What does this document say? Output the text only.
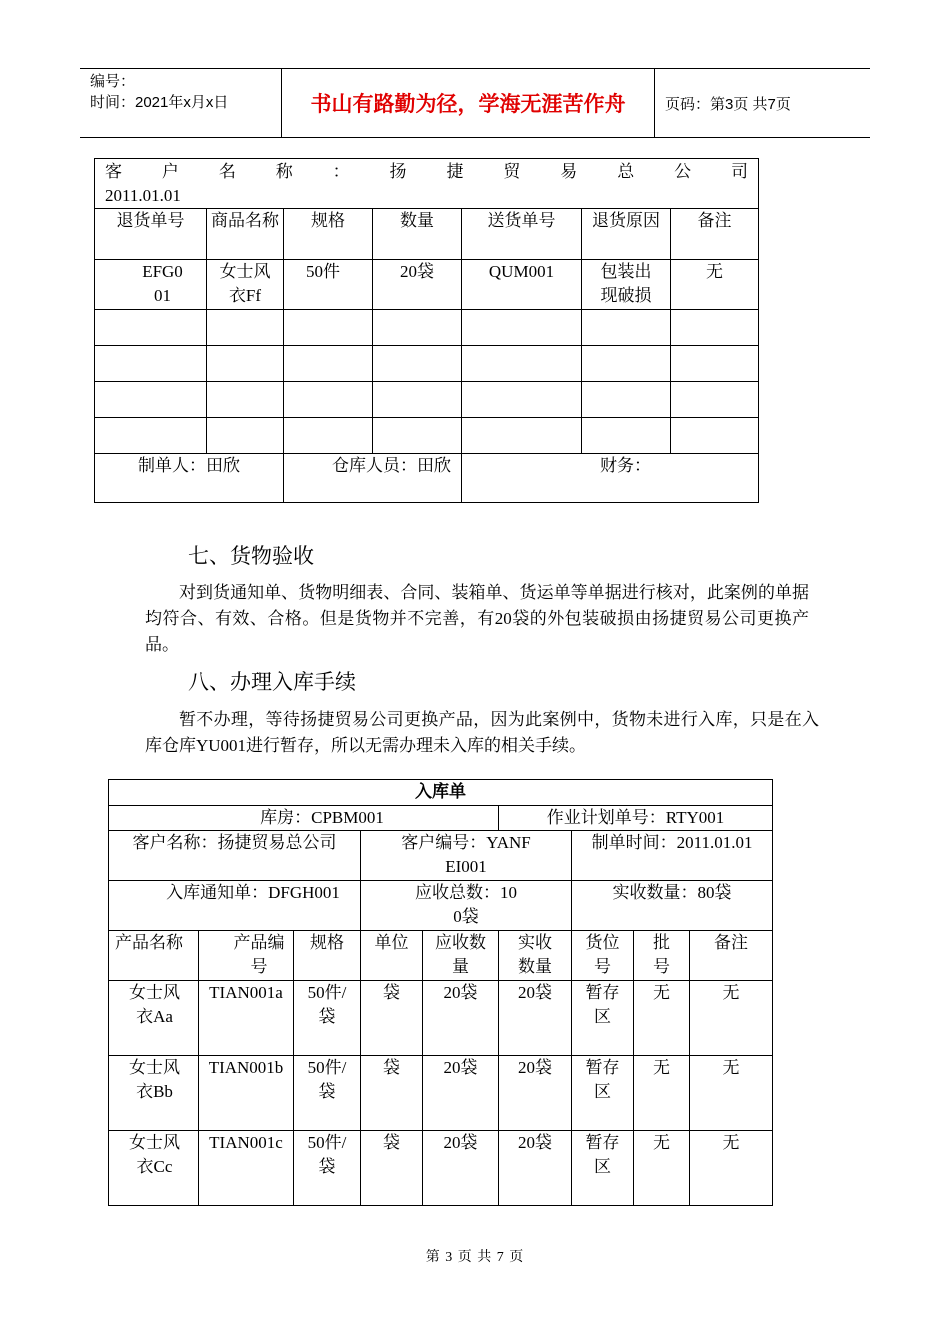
编号：
时间：2021年x月x日	书山有路勤为径，学海无涯苦作舟	页码：第3页 共7页
客户名称：扬捷贸易总公司
2011.01.01						

退货单号	商品名称	规格	数量	送货单号	退货原因	备注
EFG001	女士风衣Ff	50件	20袋	QUM001	包装出现破损	无

制单人：田欣		仓库人员：田欣		财务：		
七、货物验收
对到货通知单、货物明细表、合同、装箱单、货运单等单据进行核对，此案例的单据均符合、有效、合格。但是货物并不完善，有20袋的外包装破损由扬捷贸易公司更换产品。
八、办理入库手续
暂不办理，等待扬捷贸易公司更换产品，因为此案例中，货物未进行入库，只是在入库仓库YU001进行暂存，所以无需办理未入库的相关手续。
入库单								
库房：CPBM001					作业计划单号：RTY001			
客户名称：扬捷贸易总公司			客户编号：YANFEI001			制单时间：2011.01.01		
入库通知单：DFGH001			应收总数：100袋			实收数量：80袋		
产品名称	产品编号	规格	单位	应收数量	实收数量	货位号	批号	备注
女士风衣Aa	TIAN001a	50件/袋	袋	20袋	20袋	暂存区	无	无
女士风衣Bb	TIAN001b	50件/袋	袋	20袋	20袋	暂存区	无	无
女士风衣Cc	TIAN001c	50件/袋	袋	20袋	20袋	暂存区	无	无
第 3 页 共 7 页
